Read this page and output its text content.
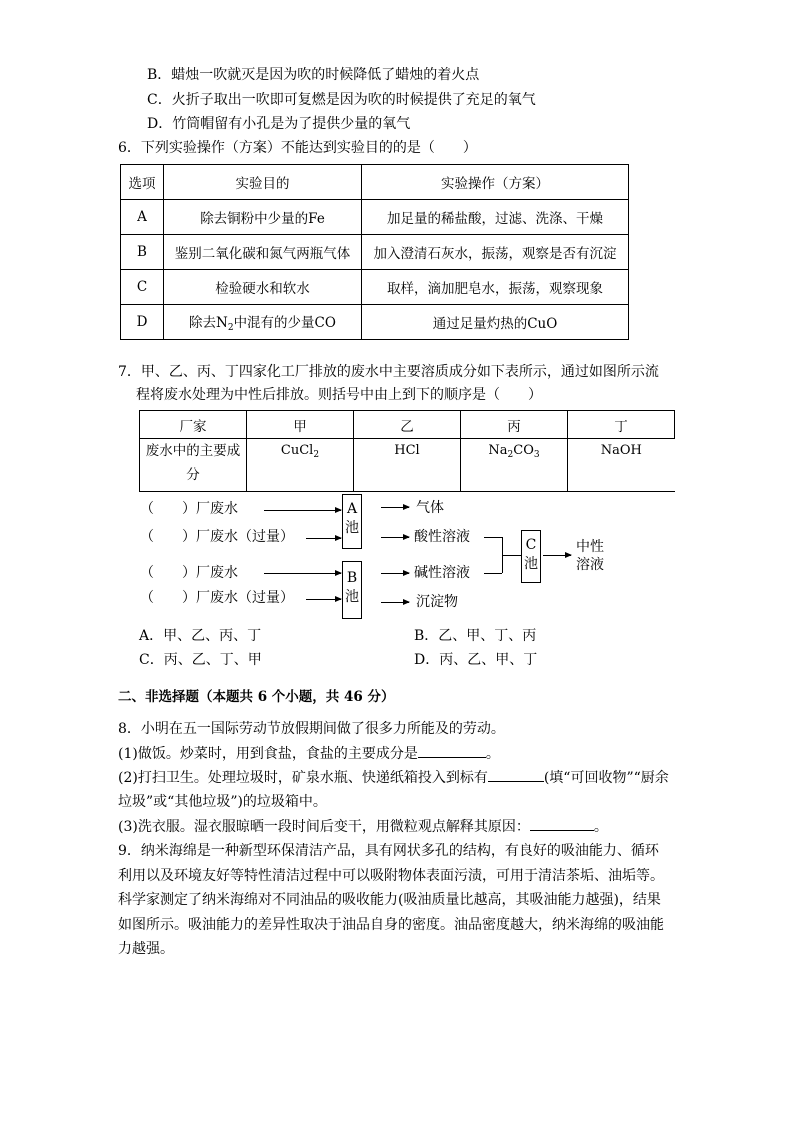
B．蜡烛一吹就灭是因为吹的时候降低了蜡烛的着火点
C．火折子取出一吹即可复燃是因为吹的时候提供了充足的氧气
D．竹筒帽留有小孔是为了提供少量的氧气
6．下列实验操作（方案）不能达到实验目的的是（　　）
选项	实验目的	实验操作（方案）
A	除去铜粉中少量的Fe	加足量的稀盐酸，过滤、洗涤、干燥
B	鉴别二氧化碳和氮气两瓶气体	加入澄清石灰水，振荡，观察是否有沉淀
C	检验硬水和软水	取样，滴加肥皂水，振荡，观察现象
D	除去$N_2$中混有的少量CO	通过足量灼热的CuO
7．甲、乙、丙、丁四家化工厂排放的废水中主要溶质成分如下表所示，通过如图所示流
程将废水处理为中性后排放。则括号中由上到下的顺序是（　　）
厂家	甲	乙	丙	丁

废水中的主要成
分	CuCl$_2$	HCl	$Na_2CO_3$	NaOH
（　　）厂废水
（　　）厂废水（过量）
（　　）厂废水
（　　）厂废水（过量）
A
池
B
池
气体
酸性溶液
碱性溶液
沉淀物
C
池
中性
溶液
A．甲、乙、丙、丁	B．乙、甲、丁、丙
C．丙、乙、丁、甲	D．丙、乙、甲、丁
二、非选择题（本题共 6 个小题，共 46 分）
8．小明在五一国际劳动节放假期间做了很多力所能及的劳动。
(1)做饭。炒菜时，用到食盐，食盐的主要成分是	。
(2)打扫卫生。处理垃圾时，矿泉水瓶、快递纸箱投入到标有	(填“可回收物”“厨余
垃圾”或“其他垃圾”)的垃圾箱中。
(3)洗衣服。湿衣服晾晒一段时间后变干，用微粒观点解释其原因：	。
9．纳米海绵是一种新型环保清洁产品，具有网状多孔的结构，有良好的吸油能力、循环
利用以及环境友好等特性清洁过程中可以吸附物体表面污渍，可用于清洁茶垢、油垢等。
科学家测定了纳米海绵对不同油品的吸收能力(吸油质量比越高，其吸油能力越强)，结果
如图所示。吸油能力的差异性取决于油品自身的密度。油品密度越大，纳米海绵的吸油能
力越强。
